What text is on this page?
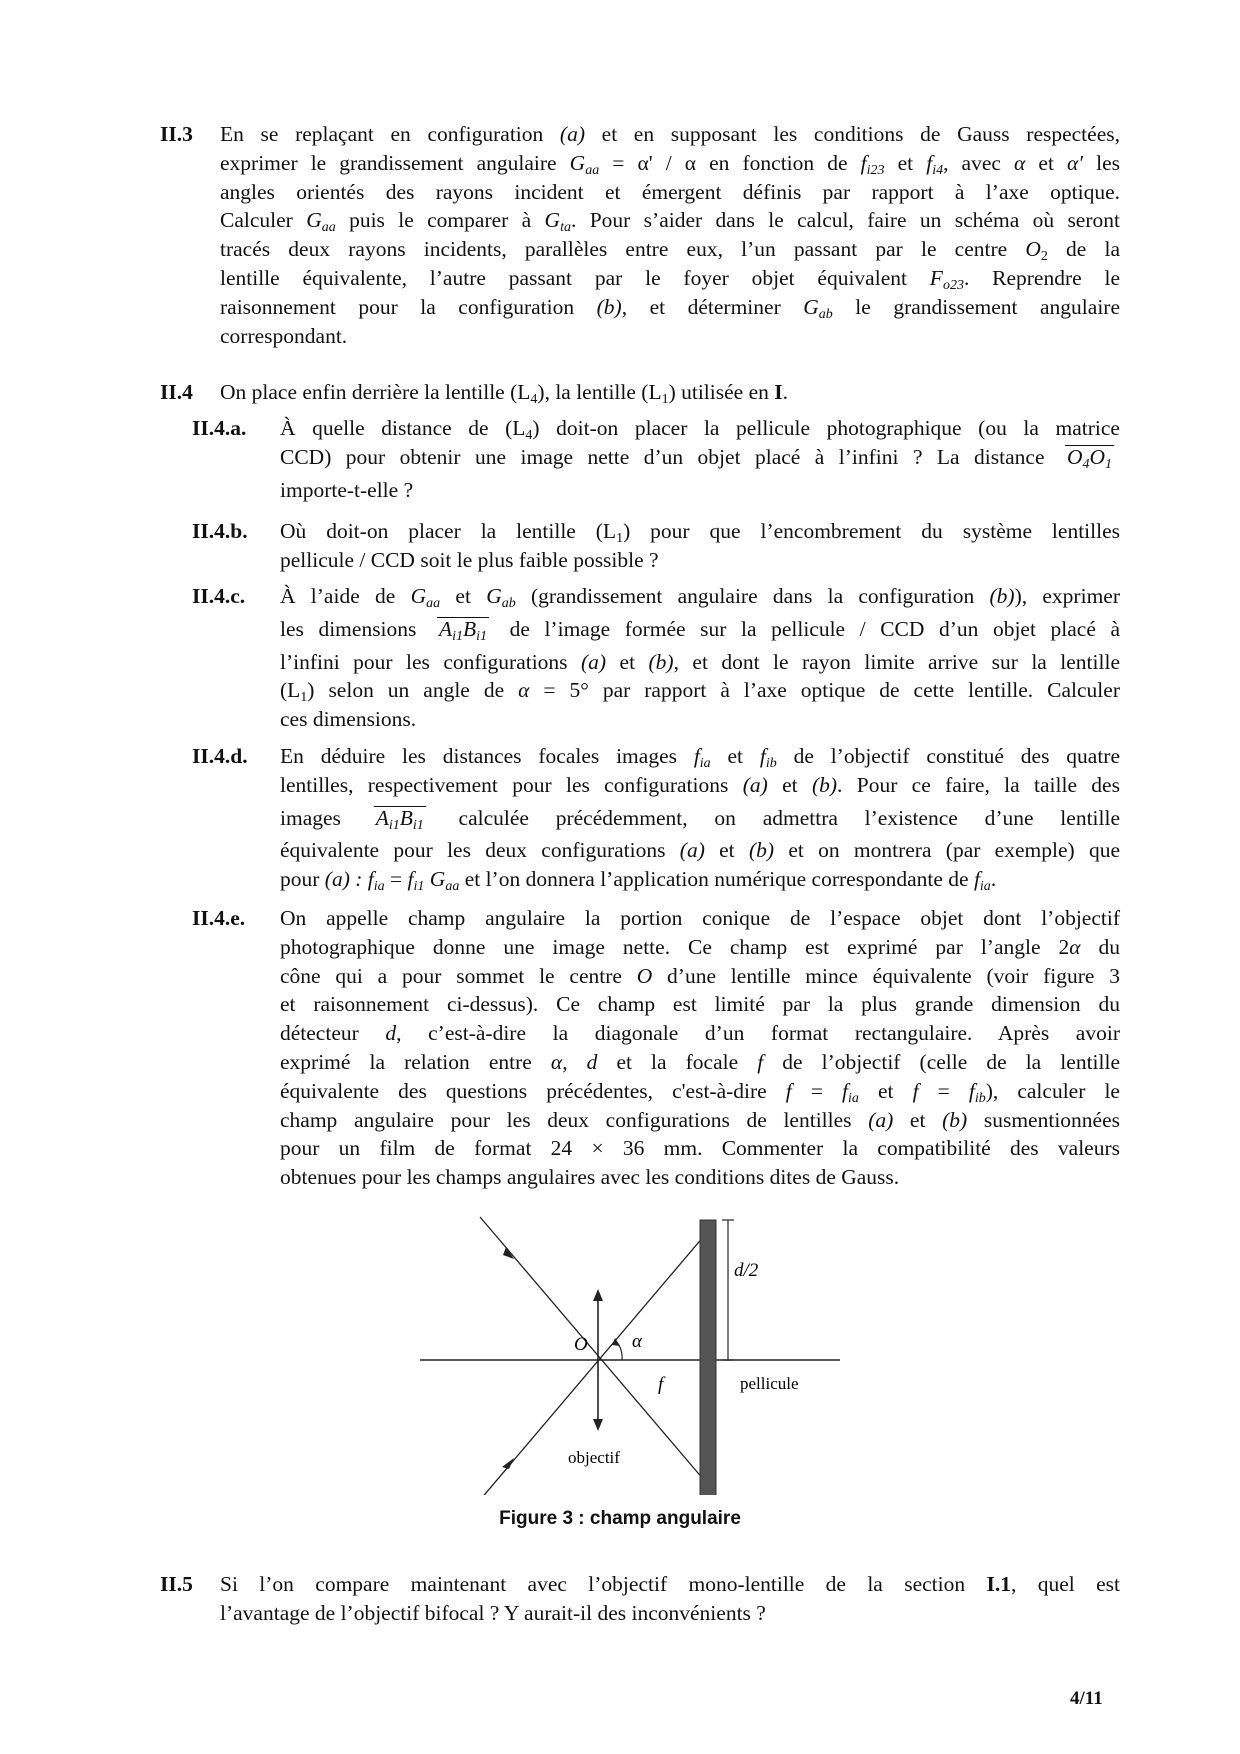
II.3 En se replaçant en configuration (a) et en supposant les conditions de Gauss respectées,
exprimer le grandissement angulaire $G_{aa} = \alpha' / \alpha$ en fonction de $f_{i23}$ et $f_{i4}$, avec α et α′ les
angles orientés des rayons incident et émergent définis par rapport à l’axe optique.
Calculer $G_{aa}$ puis le comparer à $G_{ta}$. Pour s’aider dans le calcul, faire un schéma où seront
tracés deux rayons incidents, parallèles entre eux, l’un passant par le centre $O_2$ de la
lentille équivalente, l’autre passant par le foyer objet équivalent $F_{o23}$. Reprendre le
raisonnement pour la configuration (b), et déterminer $G_{ab}$ le grandissement angulaire
correspondant.
II.4 On place enfin derrière la lentille $(L_4)$, la lentille $(L_1)$ utilisée en I.
II.4.a. À quelle distance de $(L_4)$ doit-on placer la pellicule photographique (ou la matrice
CCD) pour obtenir une image nette d’un objet placé à l’infini ? La distance $O_4O_1$
importe-t-elle ?
II.4.b. Où doit-on placer la lentille $(L_1)$ pour que l’encombrement du système lentilles
pellicule / CCD soit le plus faible possible ?
II.4.c. À l’aide de $G_{aa}$ et $G_{ab}$ (grandissement angulaire dans la configuration (b)), exprimer
les dimensions $A_{i1}B_{i1}$ de l’image formée sur la pellicule / CCD d’un objet placé à
l’infini pour les configurations (a) et (b), et dont le rayon limite arrive sur la lentille
$(L_1)$ selon un angle de α = 5° par rapport à l’axe optique de cette lentille. Calculer
ces dimensions.
II.4.d. En déduire les distances focales images $f_{ia}$ et $f_{ib}$ de l’objectif constitué des quatre
lentilles, respectivement pour les configurations (a) et (b). Pour ce faire, la taille des
images $A_{i1}B_{i1}$ calculée précédemment, on admettra l’existence d’une lentille
équivalente pour les deux configurations (a) et (b) et on montrera (par exemple) que
pour (a) : $f_{ia} = f_{i1}$ $G_{aa}$ et l’on donnera l’application numérique correspondante de $f_{ia}$.
II.4.e. On appelle champ angulaire la portion conique de l’espace objet dont l’objectif
photographique donne une image nette. Ce champ est exprimé par l’angle 2α du
cône qui a pour sommet le centre O d’une lentille mince équivalente (voir figure 3
et raisonnement ci-dessus). Ce champ est limité par la plus grande dimension du
détecteur d, c’est-à-dire la diagonale d’un format rectangulaire. Après avoir
exprimé la relation entre α, d et la focale f de l’objectif (celle de la lentille
équivalente des questions précédentes, c'est-à-dire $f = f_{ia}$ et $f = f_{ib}$), calculer le
champ angulaire pour les deux configurations de lentilles (a) et (b) susmentionnées
pour un film de format 24 × 36 mm. Commenter la compatibilité des valeurs
obtenues pour les champs angulaires avec les conditions dites de Gauss.
O α
f
d/2
pellicule
objectif
Figure 3 : champ angulaire
II.5 Si l’on compare maintenant avec l’objectif mono-lentille de la section I.1, quel est
l’avantage de l’objectif bifocal ? Y aurait-il des inconvénients ?
4/11
